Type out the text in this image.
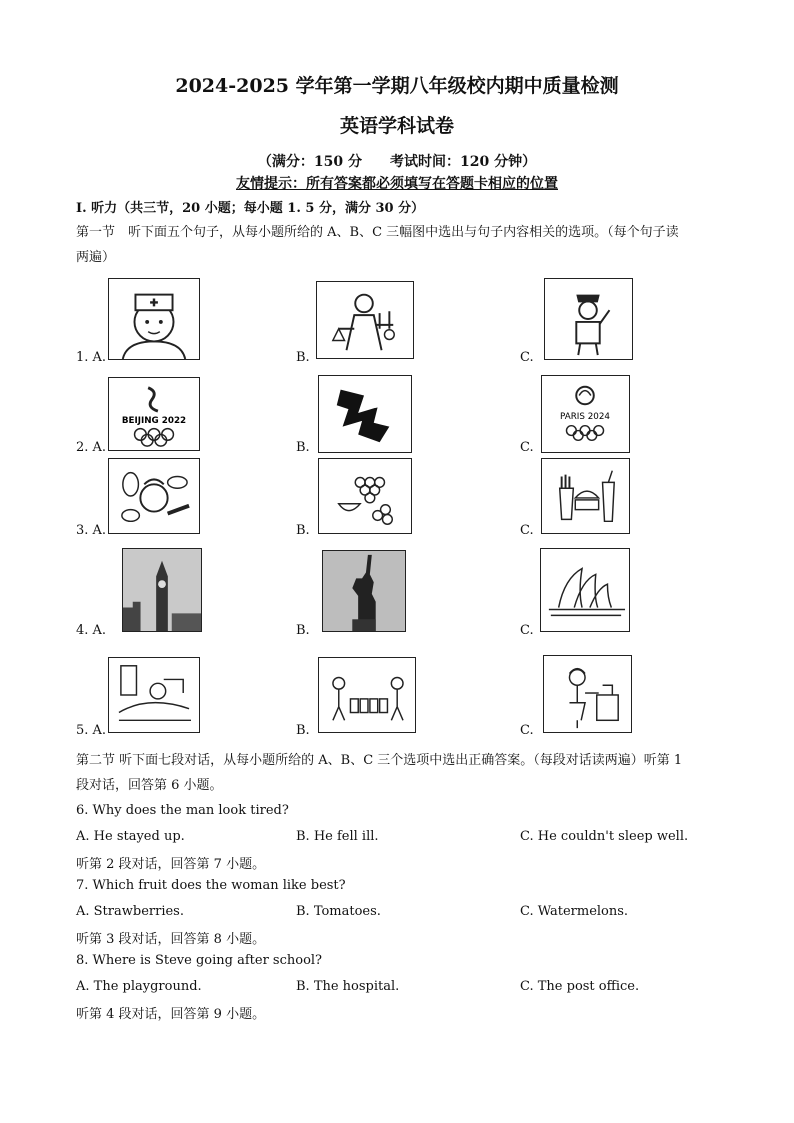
2024-2025 学年第一学期八年级校内期中质量检测
英语学科试卷
（满分：150 分　　考试时间：120 分钟）
友情提示：所有答案都必须填写在答题卡相应的位置
Ⅰ. 听力（共三节，20 小题；每小题 1. 5 分，满分 30 分）
第一节　听下面五个句子，从每小题所给的 A、B、C 三幅图中选出与句子内容相关的选项。（每个句子读
两遍）
1. A.	B.	C.
2. A.
BEIJING 2022
B.	C.
PARIS 2024
3. A.	B.	C.
4. A.	B.	C.
5. A.	B.	C.
第二节 听下面七段对话，从每小题所给的 A、B、C 三个选项中选出正确答案。（每段对话读两遍）听第 1
段对话，回答第 6 小题。
6. Why does the man look tired?
A. He stayed up.	B. He fell ill.	C. He couldn't sleep well.
听第 2 段对话，回答第 7 小题。
7. Which fruit does the woman like best?
A. Strawberries.	B. Tomatoes.	C. Watermelons.
听第 3 段对话，回答第 8 小题。
8. Where is Steve going after school?
A. The playground.	B. The hospital.	C. The post office.
听第 4 段对话，回答第 9 小题。
